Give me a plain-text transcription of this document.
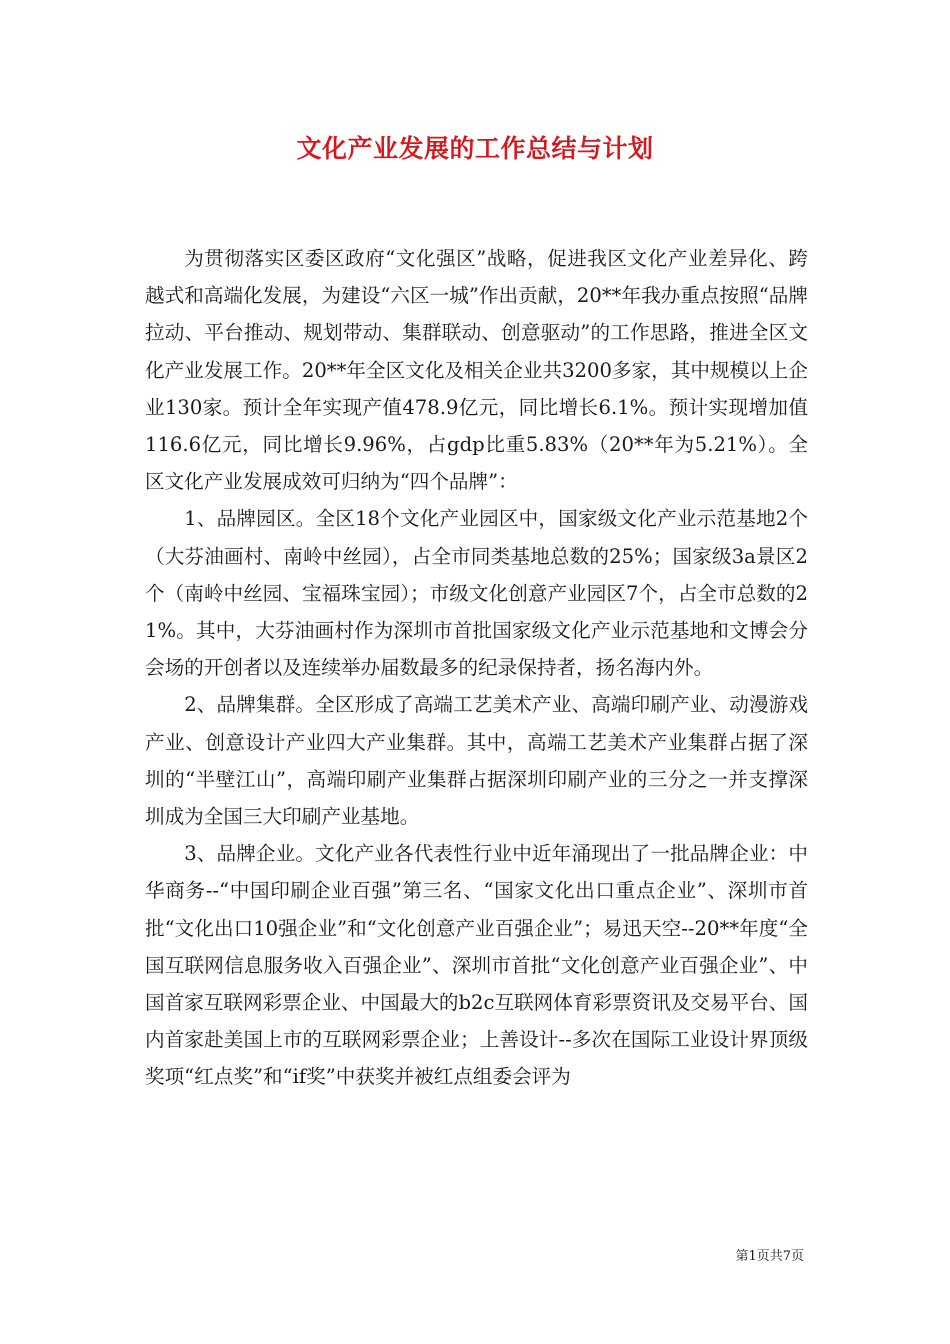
文化产业发展的工作总结与计划

为贯彻落实区委区政府“文化强区”战略，促进我区文化产业差异化、跨越式和高端化发展，为建设“六区一城”作出贡献，20**年我办重点按照“品牌拉动、平台推动、规划带动、集群联动、创意驱动”的工作思路，推进全区文化产业发展工作。20**年全区文化及相关企业共3200多家，其中规模以上企业130家。预计全年实现产值478.9亿元，同比增长6.1%。预计实现增加值116.6亿元，同比增长9.96%，占gdp比重5.83%（20**年为5.21%）。全区文化产业发展成效可归纳为“四个品牌”：

1、品牌园区。全区18个文化产业园区中，国家级文化产业示范基地2个（大芬油画村、南岭中丝园），占全市同类基地总数的25%；国家级3a景区2个（南岭中丝园、宝福珠宝园）；市级文化创意产业园区7个，占全市总数的21%。其中，大芬油画村作为深圳市首批国家级文化产业示范基地和文博会分会场的开创者以及连续举办届数最多的纪录保持者，扬名海内外。

2、品牌集群。全区形成了高端工艺美术产业、高端印刷产业、动漫游戏产业、创意设计产业四大产业集群。其中，高端工艺美术产业集群占据了深圳的“半壁江山”，高端印刷产业集群占据深圳印刷产业的三分之一并支撑深圳成为全国三大印刷产业基地。

3、品牌企业。文化产业各代表性行业中近年涌现出了一批品牌企业：中华商务--“中国印刷企业百强”第三名、“国家文化出口重点企业”、深圳市首批“文化出口10强企业”和“文化创意产业百强企业”；易迅天空--20**年度“全国互联网信息服务收入百强企业”、深圳市首批“文化创意产业百强企业”、中国首家互联网彩票企业、中国最大的b2c互联网体育彩票资讯及交易平台、国内首家赴美国上市的互联网彩票企业；上善设计--多次在国际工业设计界顶级奖项“红点奖”和“if奖”中获奖并被红点组委会评为

第1页共7页
